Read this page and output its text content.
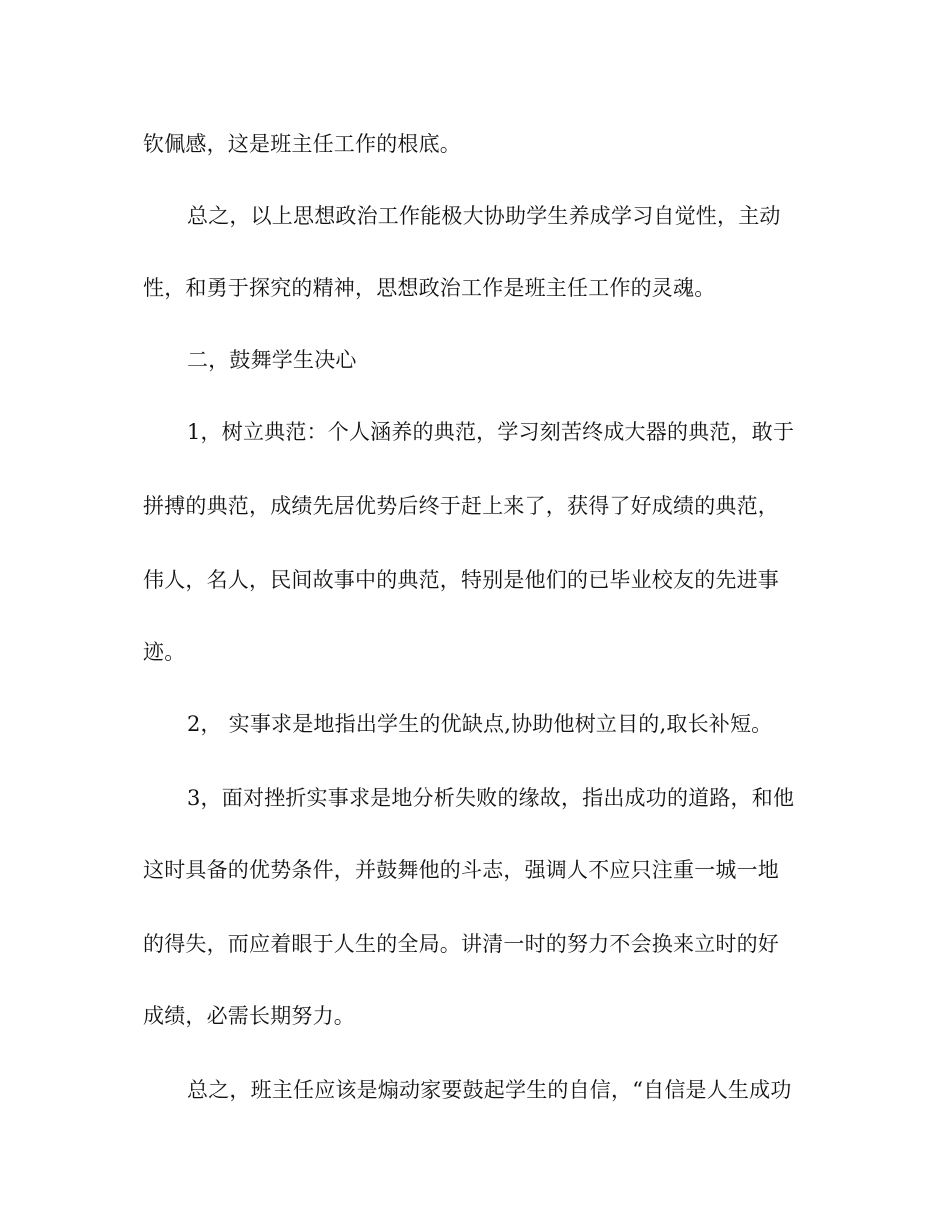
钦佩感，这是班主任工作的根底。
总之，以上思想政治工作能极大协助学生养成学习自觉性，主动
性，和勇于探究的精神，思想政治工作是班主任工作的灵魂。
二，鼓舞学生决心
1，树立典范：个人涵养的典范，学习刻苦终成大器的典范，敢于
拼搏的典范，成绩先居优势后终于赶上来了，获得了好成绩的典范，
伟人，名人，民间故事中的典范，特别是他们的已毕业校友的先进事
迹。
2， 实事求是地指出学生的优缺点,协助他树立目的,取长补短。
3，面对挫折实事求是地分析失败的缘故，指出成功的道路，和他
这时具备的优势条件，并鼓舞他的斗志，强调人不应只注重一城一地
的得失，而应着眼于人生的全局。讲清一时的努力不会换来立时的好
成绩，必需长期努力。
总之，班主任应该是煽动家要鼓起学生的自信，“自信是人生成功
